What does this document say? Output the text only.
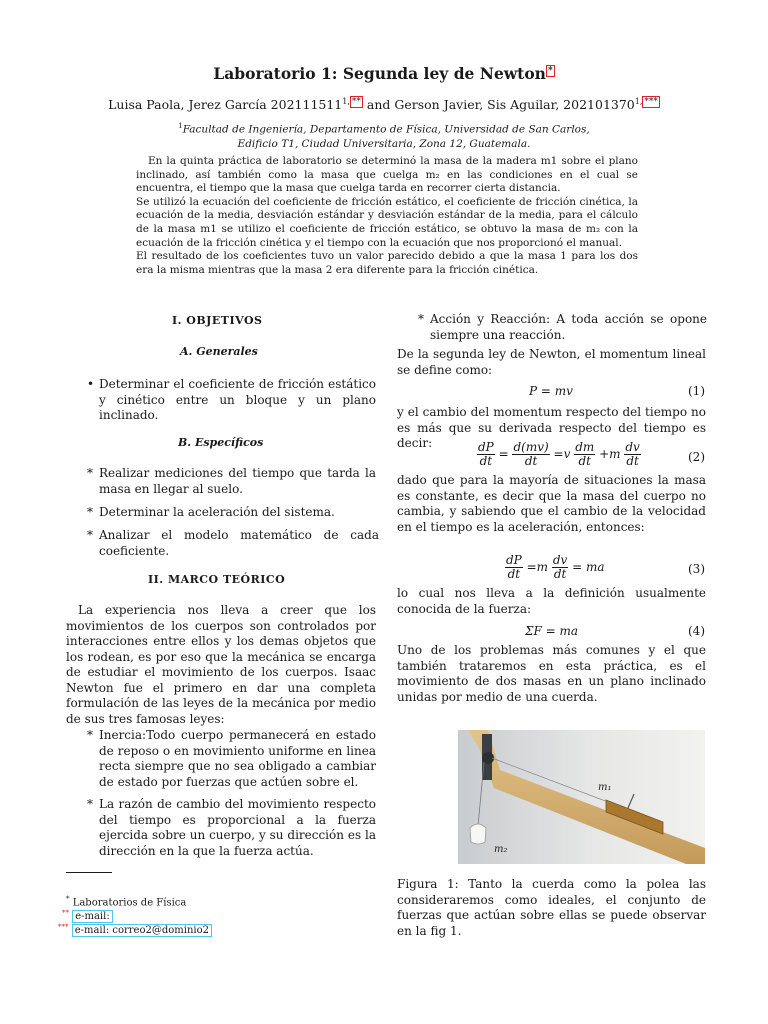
Laboratorio 1: Segunda ley de Newton *
Luisa Paola, Jerez García $202111511^{1,}$ ** and Gerson Javier, Sis Aguilar, $202101370^{1,}$ ***
$^1$Facultad de Ingeniería, Departamento de Física, Universidad de San Carlos,
Edificio T1, Ciudad Universitaria, Zona 12, Guatemala.

En la quinta práctica de laboratorio se determinó la masa de la madera m1 sobre el plano inclinado, así también como la masa que cuelga m₂ en las condiciones en el cual se encuentra, el tiempo que la masa que cuelga tarda en recorrer cierta distancia.

Se utilizó la ecuación del coeficiente de fricción estático, el coeficiente de fricción cinética, la ecuación de la media, desviación estándar y desviación estándar de la media, para el cálculo de la masa m1 se utilizo el coeficiente de fricción estático, se obtuvo la masa de m₂ con la ecuación de la fricción cinética y el tiempo con la ecuación que nos proporcionó el manual.

El resultado de los coeficientes tuvo un valor parecido debido a que la masa 1 para los dos era la misma mientras que la masa 2 era diferente para la fricción cinética.

I. OBJETIVOS
A. Generales
• Determinar el coeficiente de fricción estático y cinético entre un bloque y un plano inclinado.
B. Específicos
* Realizar mediciones del tiempo que tarda la masa en llegar al suelo.
* Determinar la aceleración del sistema.
* Analizar el modelo matemático de cada coeficiente.
II. MARCO TEÓRICO
La experiencia nos lleva a creer que los movimientos de los cuerpos son controlados por interacciones entre ellos y los demas objetos que los rodean, es por eso que la mecánica se encarga de estudiar el movimiento de los cuerpos. Isaac Newton fue el primero en dar una completa formulación de las leyes de la mecánica por medio de sus tres famosas leyes:
* Inercia:Todo cuerpo permanecerá en estado de reposo o en movimiento uniforme en linea recta siempre que no sea obligado a cambiar de estado por fuerzas que actúen sobre el.
* La razón de cambio del movimiento respecto del tiempo es proporcional a la fuerza ejercida sobre un cuerpo, y su dirección es la dirección en la que la fuerza actúa.
* Laboratorios de Física
** e-mail:
*** e-mail: correo2@dominio2
* Acción y Reacción: A toda acción se opone siempre una reacción.
De la segunda ley de Newton, el momentum lineal se define como:
P = mv	(1)
y el cambio del momentum respecto del tiempo no es más que su derivada respecto del tiempo es decir:	$\frac{dP}{dt} = \frac{d(mv)}{dt} =v \frac{dm}{dt} +m \frac{dv}{dt}$	(2)
dado que para la mayoría de situaciones la masa es constante, es decir que la masa del cuerpo no cambia, y sabiendo que el cambio de la velocidad en el tiempo es la aceleración, entonces:
$\frac{dP}{dt} =m \frac{dv}{dt}$ = ma	(3)
lo cual nos lleva a la definición usualmente conocida de la fuerza:
ΣF = ma	(4)
Uno de los problemas más comunes y el que también trataremos en esta práctica, es el movimiento de dos masas en un plano inclinado unidas por medio de una cuerda.
m₁
m₂
Figura 1: Tanto la cuerda como la polea las consideraremos como ideales, el conjunto de fuerzas que actúan sobre ellas se puede observar en la fig 1.
